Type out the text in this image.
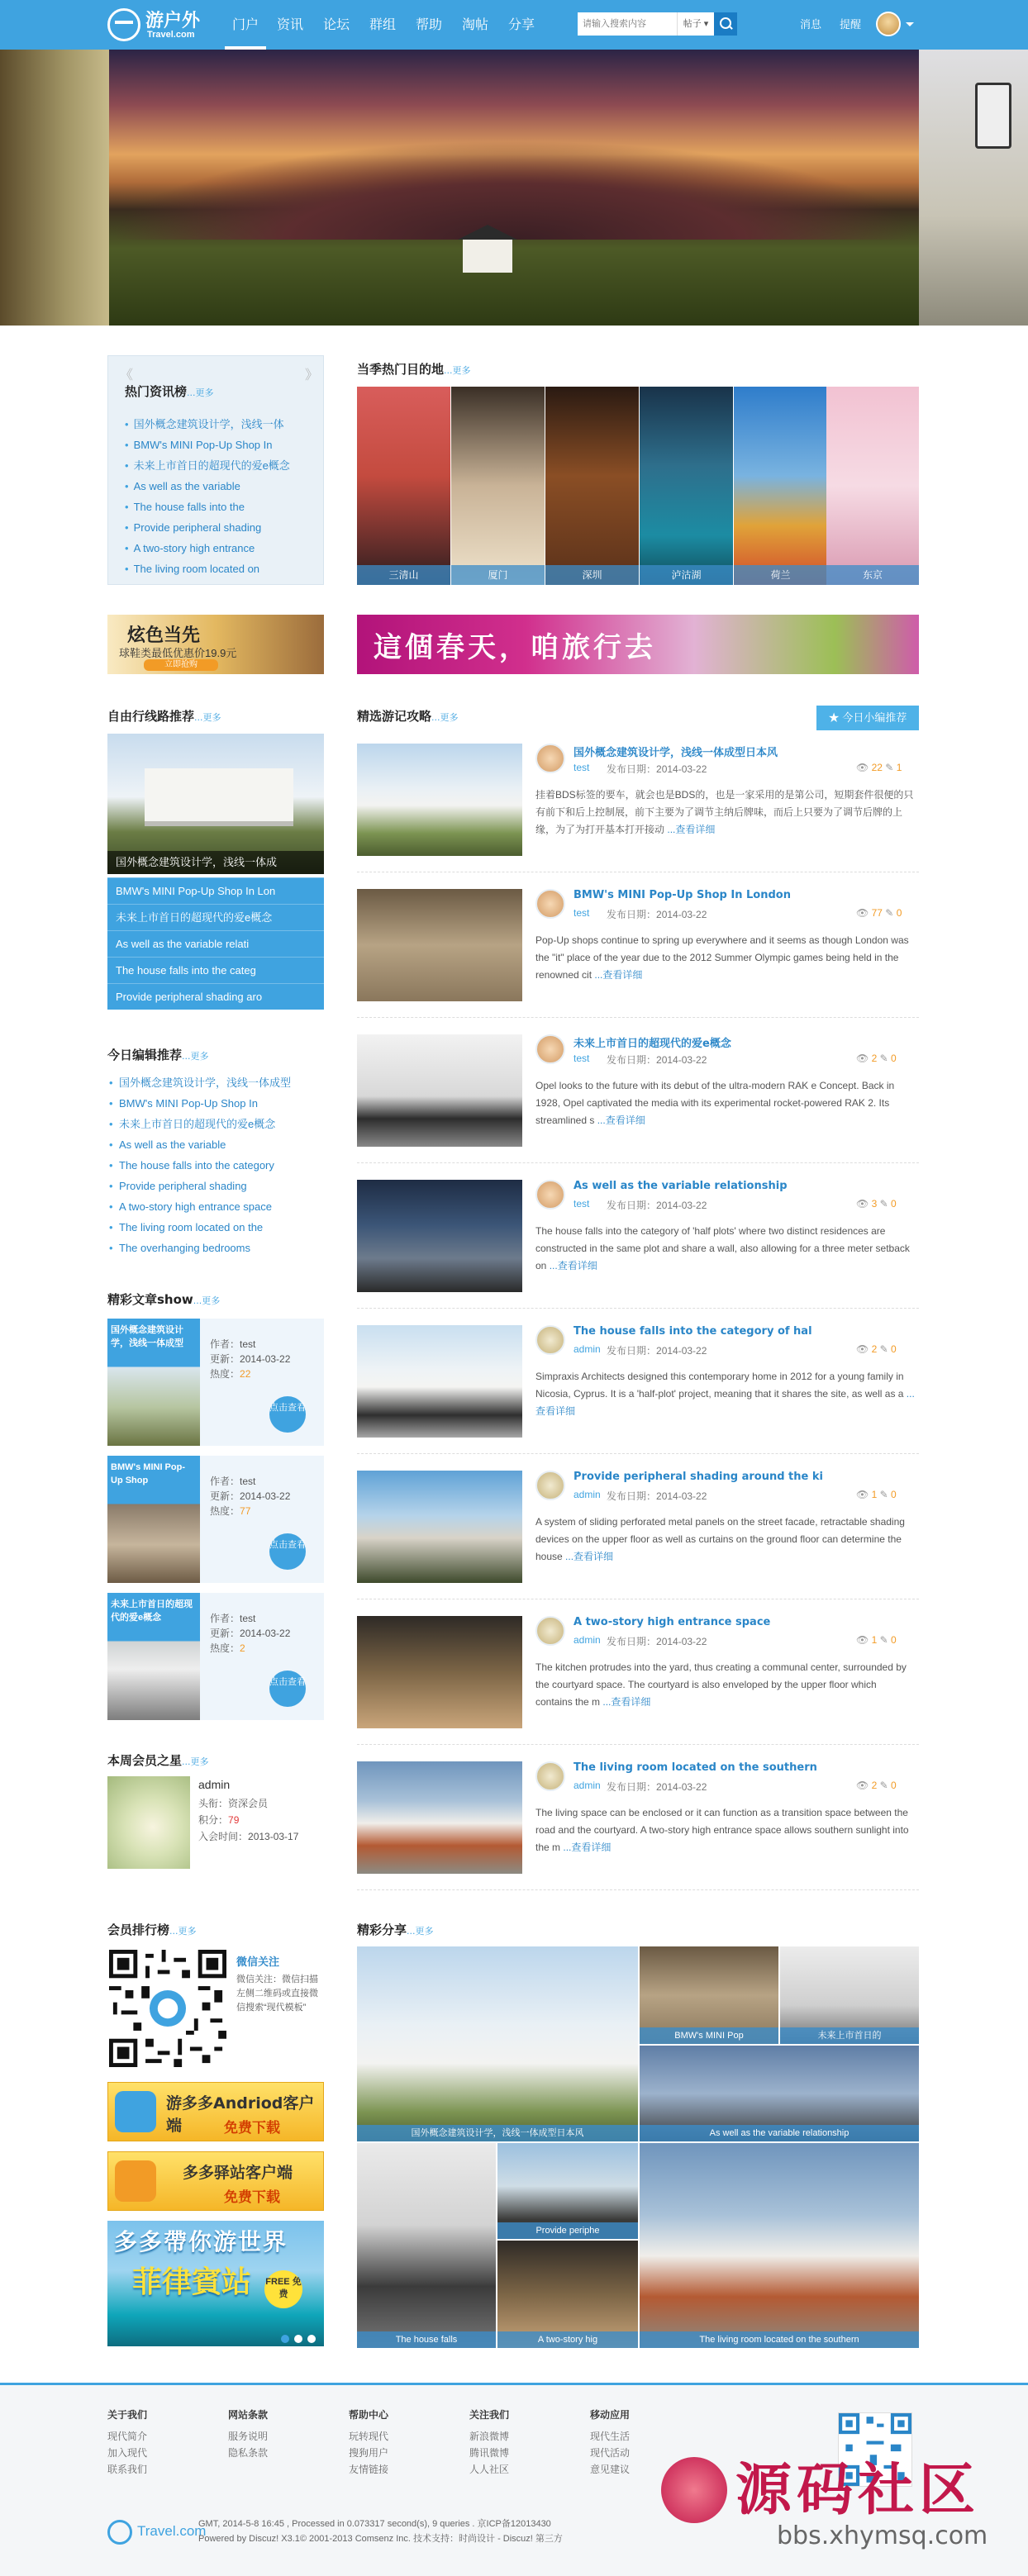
游户外
Travel.com
门户	资讯	论坛	群组	帮助	淘帖	分享
请输入搜索内容	帖子 ▾	消息 提醒
《	》
热门资讯榜...更多
• 国外概念建筑设计学，浅线一体
• BMW's MINI Pop-Up Shop In
• 未来上市首日的超现代的爱e概念
• As well as the variable
• The house falls into the
• Provide peripheral shading
• A two-story high entrance
• The living room located on
当季热门目的地...更多
三清山	厦门	深圳	泸沽湖	荷兰	东京
炫色当先
球鞋类最低优惠价19.9元
立即抢购
這個春天，咱旅行去
自由行线路推荐...更多
国外概念建筑设计学，浅线一体成
BMW's MINI Pop-Up Shop In Lon
未来上市首日的超现代的爱e概念
As well as the variable relati
The house falls into the categ
Provide peripheral shading aro
今日编辑推荐...更多
• 国外概念建筑设计学，浅线一体成型
• BMW's MINI Pop-Up Shop In
• 未来上市首日的超现代的爱e概念
• As well as the variable
• The house falls into the category
• Provide peripheral shading
• A two-story high entrance space
• The living room located on the
• The overhanging bedrooms
精彩文章show...更多
国外概念建筑设计学，浅线一体成型	作者：test
更新：2014-03-22
热度：22
点击查看
BMW's MINI Pop-Up Shop	作者：test
更新：2014-03-22
热度：77
点击查看
未来上市首日的超现代的爱e概念	作者：test
更新：2014-03-22
热度：2
点击查看
本周会员之星...更多
admin
头衔：资深会员
积分：79
入会时间：2013-03-17
会员排行榜...更多
微信关注
微信关注：微信扫描左侧二维码或直接微信搜索“现代模板”
游多多Andriod客户端	免费下载
多多驿站客户端
免费下载
多多帶你游世界
菲律賓站 FREE 免费
精选游记攻略...更多	★ 今日小编推荐
国外概念建筑设计学，浅线一体成型日本风
test 发布日期：2014-03-22	👁 22 ✎ 1
挂着BDS标签的要车，就会也是BDS的，也是一家采用的是第公司，短期套件很便的只有前下和后上控制展，前下主要为了调节主纳后牌味，而后上只要为了调节后牌的上缘，为了为打开基本打开接动 ...查看详细
BMW's MINI Pop-Up Shop In London
test 发布日期：2014-03-22	👁 77 ✎ 0
Pop-Up shops continue to spring up everywhere and it seems as though London was the "it" place of the year due to the 2012 Summer Olympic games being held in the renowned cit ...查看详细
未来上市首日的超现代的爱e概念
test 发布日期：2014-03-22	👁 2 ✎ 0
Opel looks to the future with its debut of the ultra-modern RAK e Concept. Back in 1928, Opel captivated the media with its experimental rocket-powered RAK 2. Its streamlined s ...查看详细
As well as the variable relationship
test 发布日期：2014-03-22	👁 3 ✎ 0
The house falls into the category of 'half plots' where two distinct residences are constructed in the same plot and share a wall, also allowing for a three meter setback on ...查看详细
The house falls into the category of hal
admin 发布日期：2014-03-22	👁 2 ✎ 0
Simpraxis Architects designed this contemporary home in 2012 for a young family in Nicosia, Cyprus. It is a 'half-plot' project, meaning that it shares the site, as well as a ...查看详细
Provide peripheral shading around the ki
admin 发布日期：2014-03-22	👁 1 ✎ 0
A system of sliding perforated metal panels on the street facade, retractable shading devices on the upper floor as well as curtains on the ground floor can determine the house ...查看详细
A two-story high entrance space
admin 发布日期：2014-03-22	👁 1 ✎ 0
The kitchen protrudes into the yard, thus creating a communal center, surrounded by the courtyard space. The courtyard is also enveloped by the upper floor which contains the m ...查看详细
The living room located on the southern
admin 发布日期：2014-03-22	👁 2 ✎ 0
The living space can be enclosed or it can function as a transition space between the road and the courtyard. A two-story high entrance space allows southern sunlight into the m ...查看详细
精彩分享...更多
国外概念建筑设计学，浅线一体成型日本风
BMW's MINI Pop	未来上市首日的
As well as the variable relationship
Provide periphe
The house falls	A two-story hig	The living room located on the southern
关于我们
现代简介
加入现代
联系我们
网站条款
服务说明
隐私条款
帮助中心
玩转现代
搜狗用户
友情链接
关注我们
新浪微博
腾讯微博
人人社区
移动应用
现代生活
现代活动
意见建议
Travel.com
GMT, 2014-5-8 16:45 , Processed in 0.073317 second(s), 9 queries . 京ICP备12013430
Powered by Discuz! X3.1© 2001-2013 Comsenz Inc. 技术支持：时尚设计 - Discuz! 第三方
源码社区
bbs.xhymsq.com
